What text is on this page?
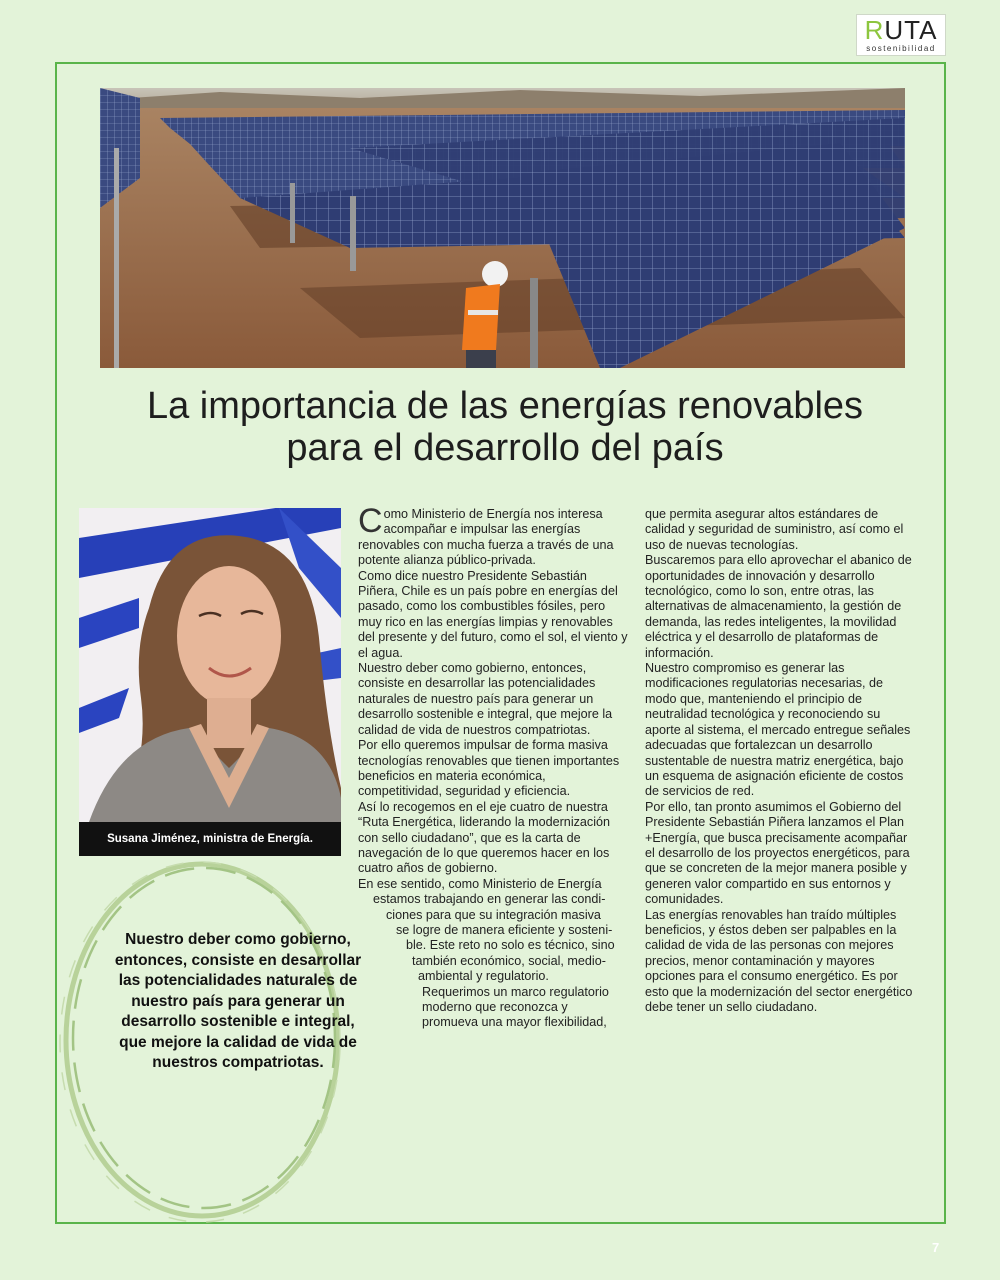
RUTA
sostenibilidad
La importancia de las energías renovables
para el desarrollo del país
Susana Jiménez, ministra de Energía.
Nuestro deber como gobierno, entonces, consiste en desarrollar las potencialidades naturales de nuestro país para generar un desarrollo sostenible e integral, que mejore la calidad de vida de nuestros compatriotas.

Como Ministerio de Energía nos interesa acompañar e impulsar las energías renovables con mucha fuerza a través de una potente alianza público-privada.

Como dice nuestro Presidente Sebastián Piñera, Chile es un país pobre en energías del pasado, como los combustibles fósiles, pero muy rico en las energías limpias y renovables del presente y del futuro, como el sol, el viento y el agua.

Nuestro deber como gobierno, entonces, consiste en desarrollar las potencialidades naturales de nuestro país para generar un desarrollo sostenible e integral, que mejore la calidad de vida de nuestros compatriotas.

Por ello queremos impulsar de forma masiva tecnologías renovables que tienen importantes beneficios en materia económica, competitividad, seguridad y eficiencia.

Así lo recogemos en el eje cuatro de nuestra “Ruta Energética, liderando la modernización con sello ciudadano”, que es la carta de navegación de lo que queremos hacer en los cuatro años de gobierno.

En ese sentido, como Ministerio de Energía
estamos trabajando en generar las condi-
ciones para que su integración masiva
se logre de manera eficiente y sosteni-
ble. Este reto no solo es técnico, sino
también económico, social, medio-
ambiental y regulatorio.

Requerimos un marco regulatorio
moderno que reconozca y
promueva una mayor flexibilidad,

que permita asegurar altos estándares de calidad y seguridad de suministro, así como el uso de nuevas tecnologías.

Buscaremos para ello aprovechar el abanico de oportunidades de innovación y desarrollo tecnológico, como lo son, entre otras, las alternativas de almacenamiento, la gestión de demanda, las redes inteligentes, la movilidad eléctrica y el desarrollo de plataformas de información.

Nuestro compromiso es generar las modificaciones regulatorias necesarias, de modo que, manteniendo el principio de neutralidad tecnológica y reconociendo su aporte al sistema, el mercado entregue señales adecuadas que fortalezcan un desarrollo sustentable de nuestra matriz energética, bajo un esquema de asignación eficiente de costos de servicios de red.

Por ello, tan pronto asumimos el Gobierno del Presidente Sebastián Piñera lanzamos el Plan +Energía, que busca precisamente acompañar el desarrollo de los proyectos energéticos, para que se concreten de la mejor manera posible y generen valor compartido en sus entornos y comunidades.

Las energías renovables han traído múltiples beneficios, y éstos deben ser palpables en la calidad de vida de las personas con mejores precios, menor contaminación y mayores opciones para el consumo energético. Es por esto que la modernización del sector energético debe tener un sello ciudadano.

7
